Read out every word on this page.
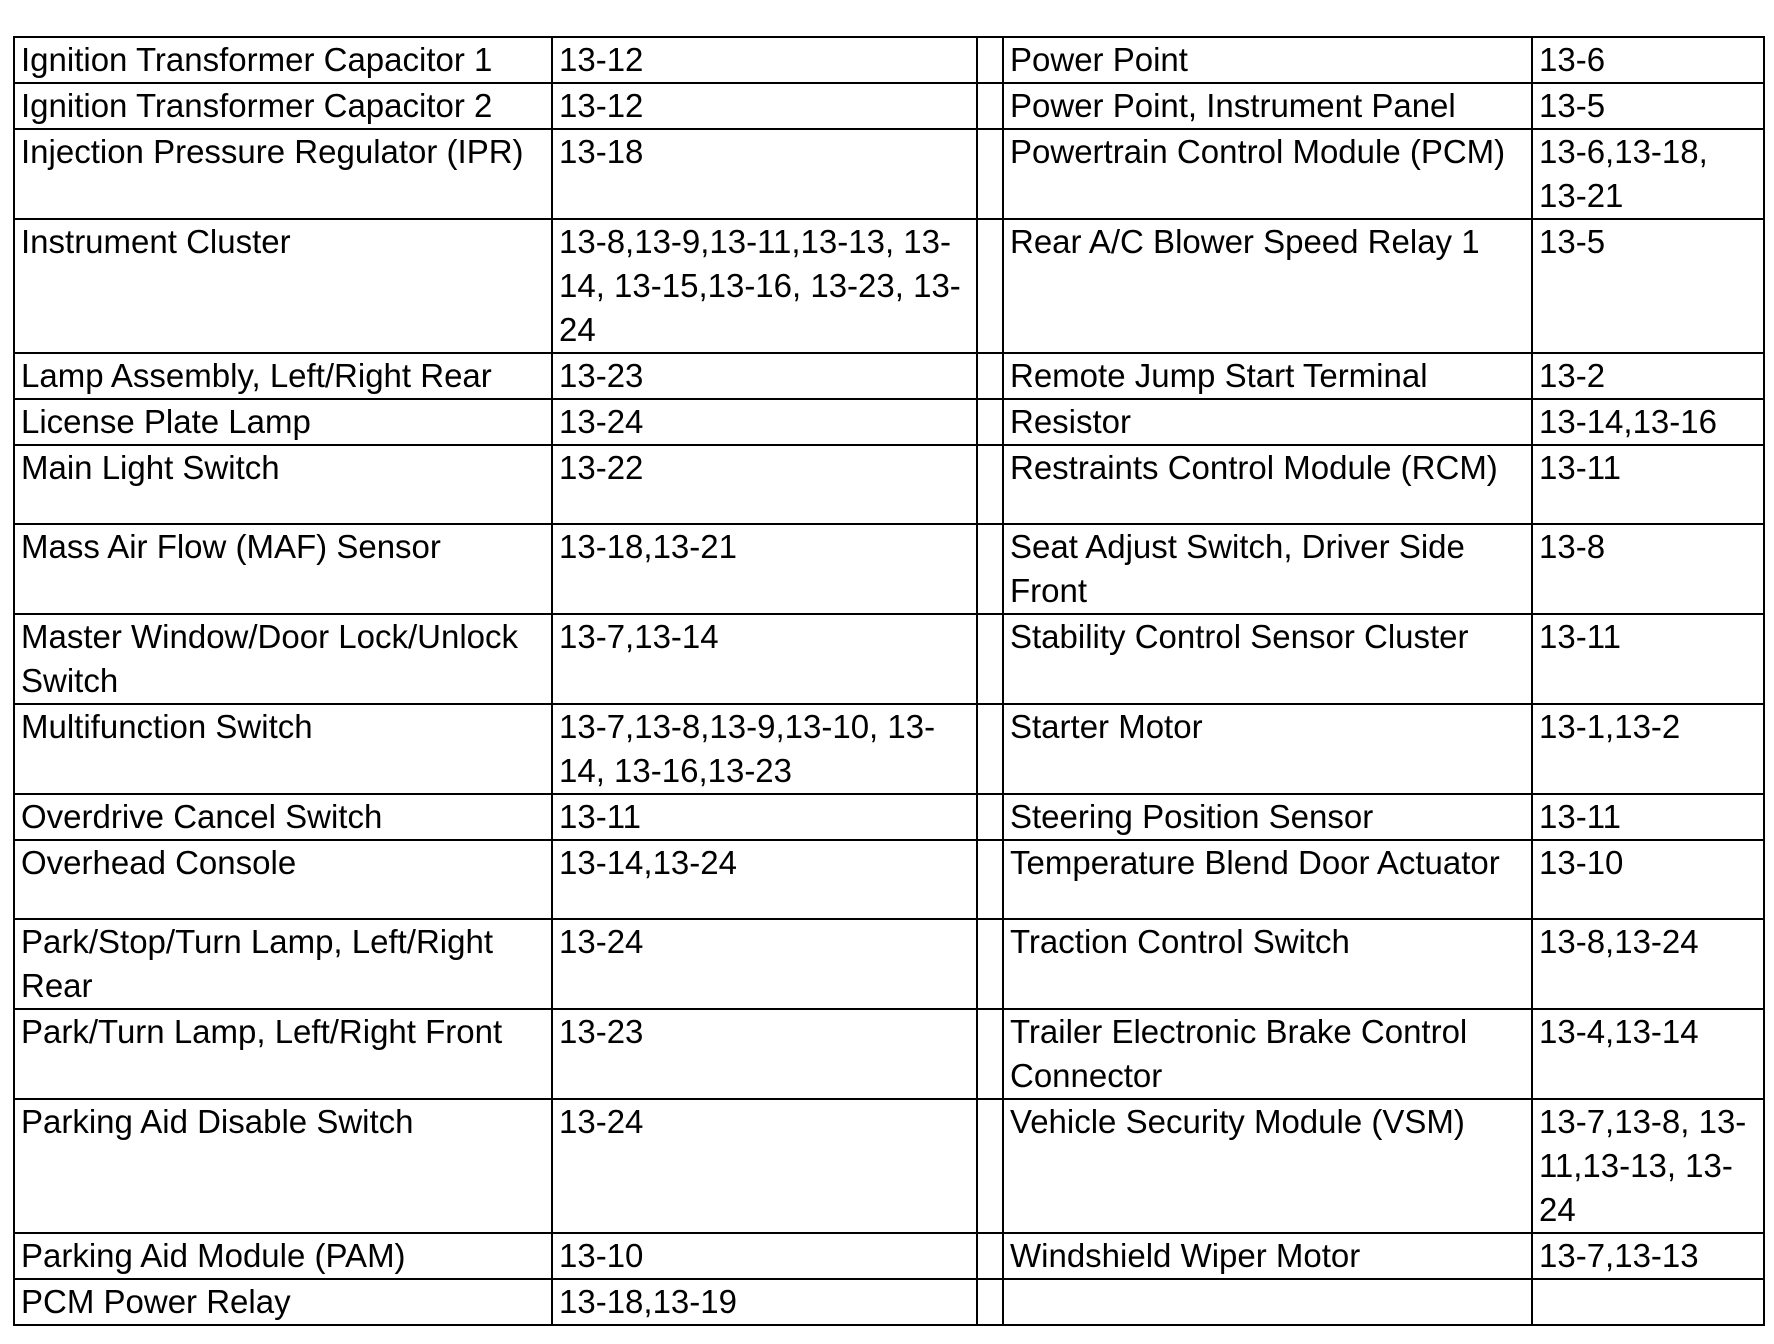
Ignition Transformer Capacitor 1	13-12		Power Point	13-6
Ignition Transformer Capacitor 2	13-12		Power Point, Instrument Panel	13-5
Injection Pressure Regulator (IPR)	13-18		Powertrain Control Module (PCM)	13-6,13-18, 13-21
Instrument Cluster	13-8,13-9,13-11,13-13, 13-14, 13-15,13-16, 13-23, 13-24		Rear A/C Blower Speed Relay 1	13-5
Lamp Assembly, Left/Right Rear	13-23		Remote Jump Start Terminal	13-2
License Plate Lamp	13-24		Resistor	13-14,13-16
Main Light Switch	13-22		Restraints Control Module (RCM)	13-11
Mass Air Flow (MAF) Sensor	13-18,13-21		Seat Adjust Switch, Driver Side Front	13-8
Master Window/Door Lock/Unlock Switch	13-7,13-14		Stability Control Sensor Cluster	13-11
Multifunction Switch	13-7,13-8,13-9,13-10, 13-14, 13-16,13-23		Starter Motor	13-1,13-2
Overdrive Cancel Switch	13-11		Steering Position Sensor	13-11
Overhead Console	13-14,13-24		Temperature Blend Door Actuator	13-10
Park/Stop/Turn Lamp, Left/Right Rear	13-24		Traction Control Switch	13-8,13-24
Park/Turn Lamp, Left/Right Front	13-23		Trailer Electronic Brake Control Connector	13-4,13-14
Parking Aid Disable Switch	13-24		Vehicle Security Module (VSM)	13-7,13-8, 13-11,13-13, 13-24
Parking Aid Module (PAM)	13-10		Windshield Wiper Motor	13-7,13-13
PCM Power Relay	13-18,13-19			
